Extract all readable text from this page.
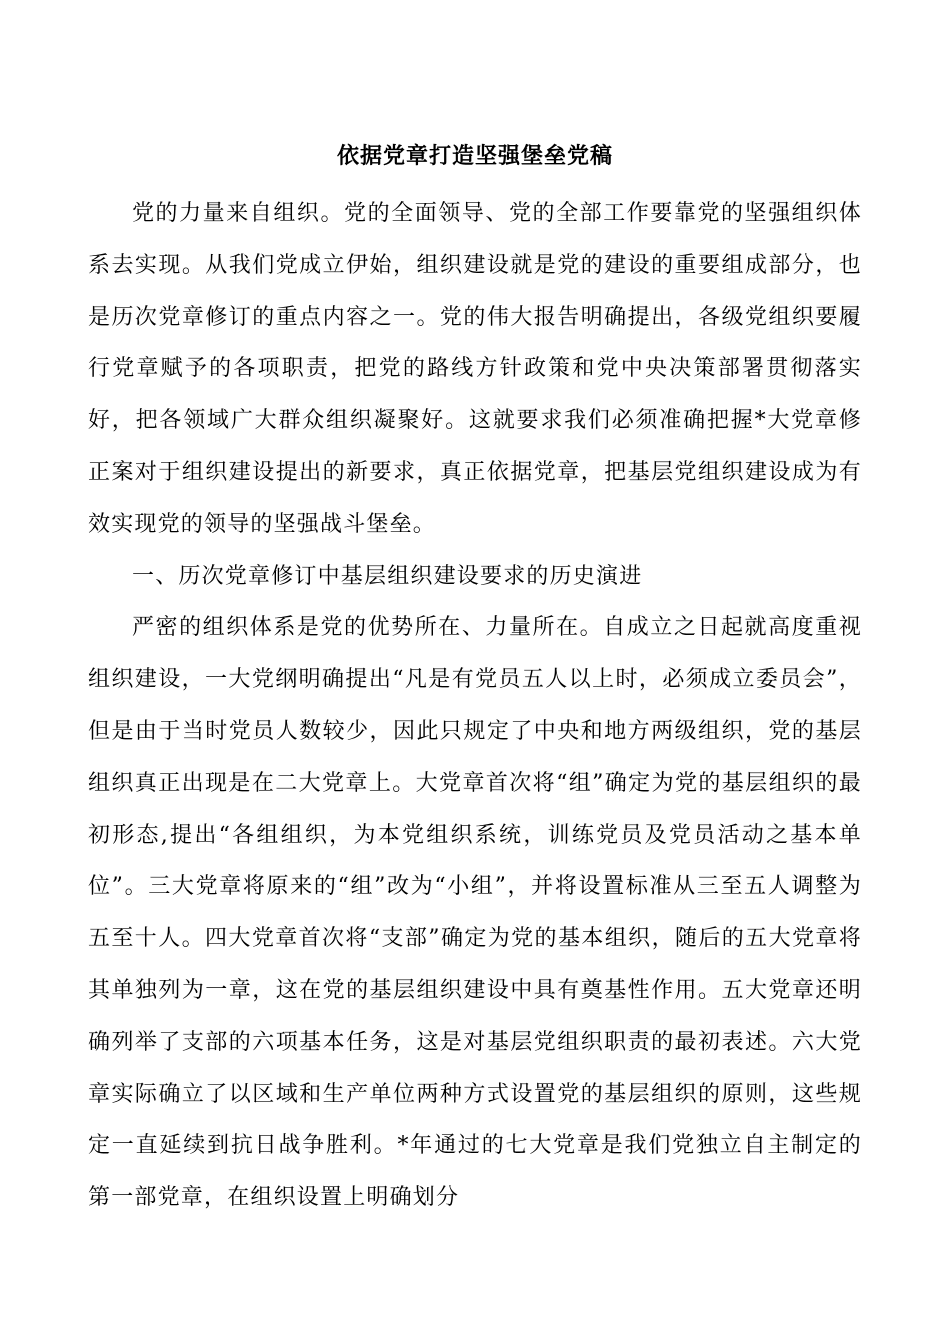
依据党章打造坚强堡垒党稿

党的力量来自组织。党的全面领导、党的全部工作要靠党的坚强组织体系去实现。从我们党成立伊始，组织建设就是党的建设的重要组成部分，也是历次党章修订的重点内容之一。党的伟大报告明确提出，各级党组织要履行党章赋予的各项职责，把党的路线方针政策和党中央决策部署贯彻落实好，把各领域广大群众组织凝聚好。这就要求我们必须准确把握*大党章修正案对于组织建设提出的新要求，真正依据党章，把基层党组织建设成为有效实现党的领导的坚强战斗堡垒。

一、历次党章修订中基层组织建设要求的历史演进

严密的组织体系是党的优势所在、力量所在。自成立之日起就高度重视组织建设，一大党纲明确提出“凡是有党员五人以上时，必须成立委员会”，但是由于当时党员人数较少，因此只规定了中央和地方两级组织，党的基层组织真正出现是在二大党章上。大党章首次将“组”确定为党的基层组织的最初形态,提出“各组组织，为本党组织系统，训练党员及党员活动之基本单位”。三大党章将原来的“组”改为“小组”，并将设置标准从三至五人调整为五至十人。四大党章首次将“支部”确定为党的基本组织，随后的五大党章将其单独列为一章，这在党的基层组织建设中具有奠基性作用。五大党章还明确列举了支部的六项基本任务，这是对基层党组织职责的最初表述。六大党章实际确立了以区域和生产单位两种方式设置党的基层组织的原则，这些规定一直延续到抗日战争胜利。*年通过的七大党章是我们党独立自主制定的第一部党章，在组织设置上明确划分
